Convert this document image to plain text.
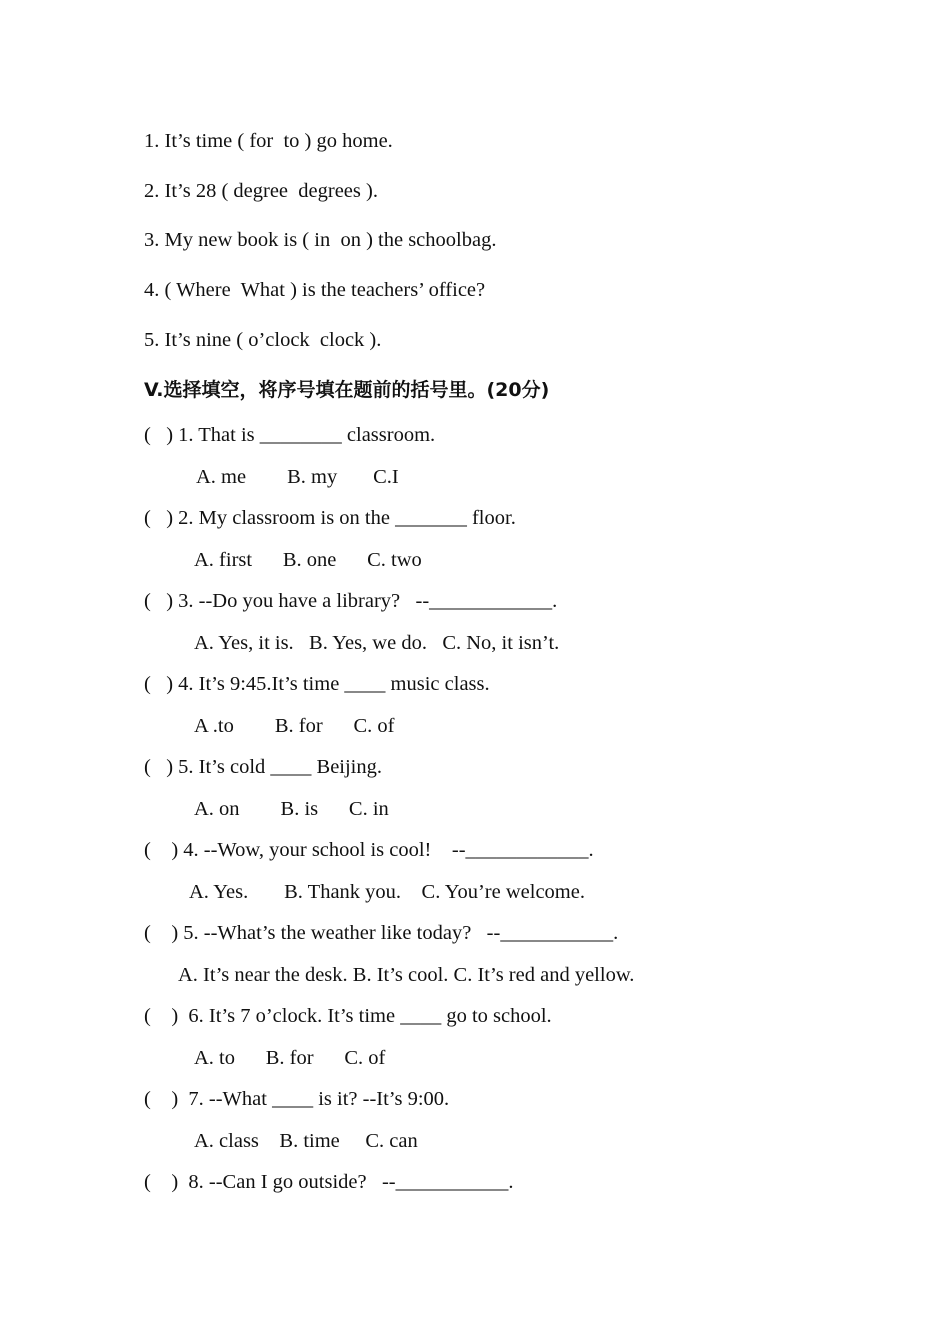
1. It’s time ( for  to ) go home.
2. It’s 28 ( degree  degrees ).
3. My new book is ( in  on ) the schoolbag.
4. ( Where  What ) is the teachers’ office?
5. It’s nine ( o’clock  clock ).
V.选择填空，将序号填在题前的括号里。(20分)
(   ) 1. That is ________ classroom.
A. me        B. my       C.I
(   ) 2. My classroom is on the _______ floor.
A. first      B. one      C. two
(   ) 3. --Do you have a library?   --____________.
A. Yes, it is.   B. Yes, we do.   C. No, it isn’t.
(   ) 4. It’s 9:45.It’s time ____ music class.
A .to        B. for      C. of
(   ) 5. It’s cold ____ Beijing.
A. on        B. is      C. in
(    ) 4. --Wow, your school is cool!    --____________.
A. Yes.       B. Thank you.    C. You’re welcome.
(    ) 5. --What’s the weather like today?   --___________.
A. It’s near the desk. B. It’s cool. C. It’s red and yellow.
(    )  6. It’s 7 o’clock. It’s time ____ go to school.
A. to      B. for      C. of
(    )  7. --What ____ is it? --It’s 9:00.
A. class    B. time     C. can
(    )  8. --Can I go outside?   --___________.
